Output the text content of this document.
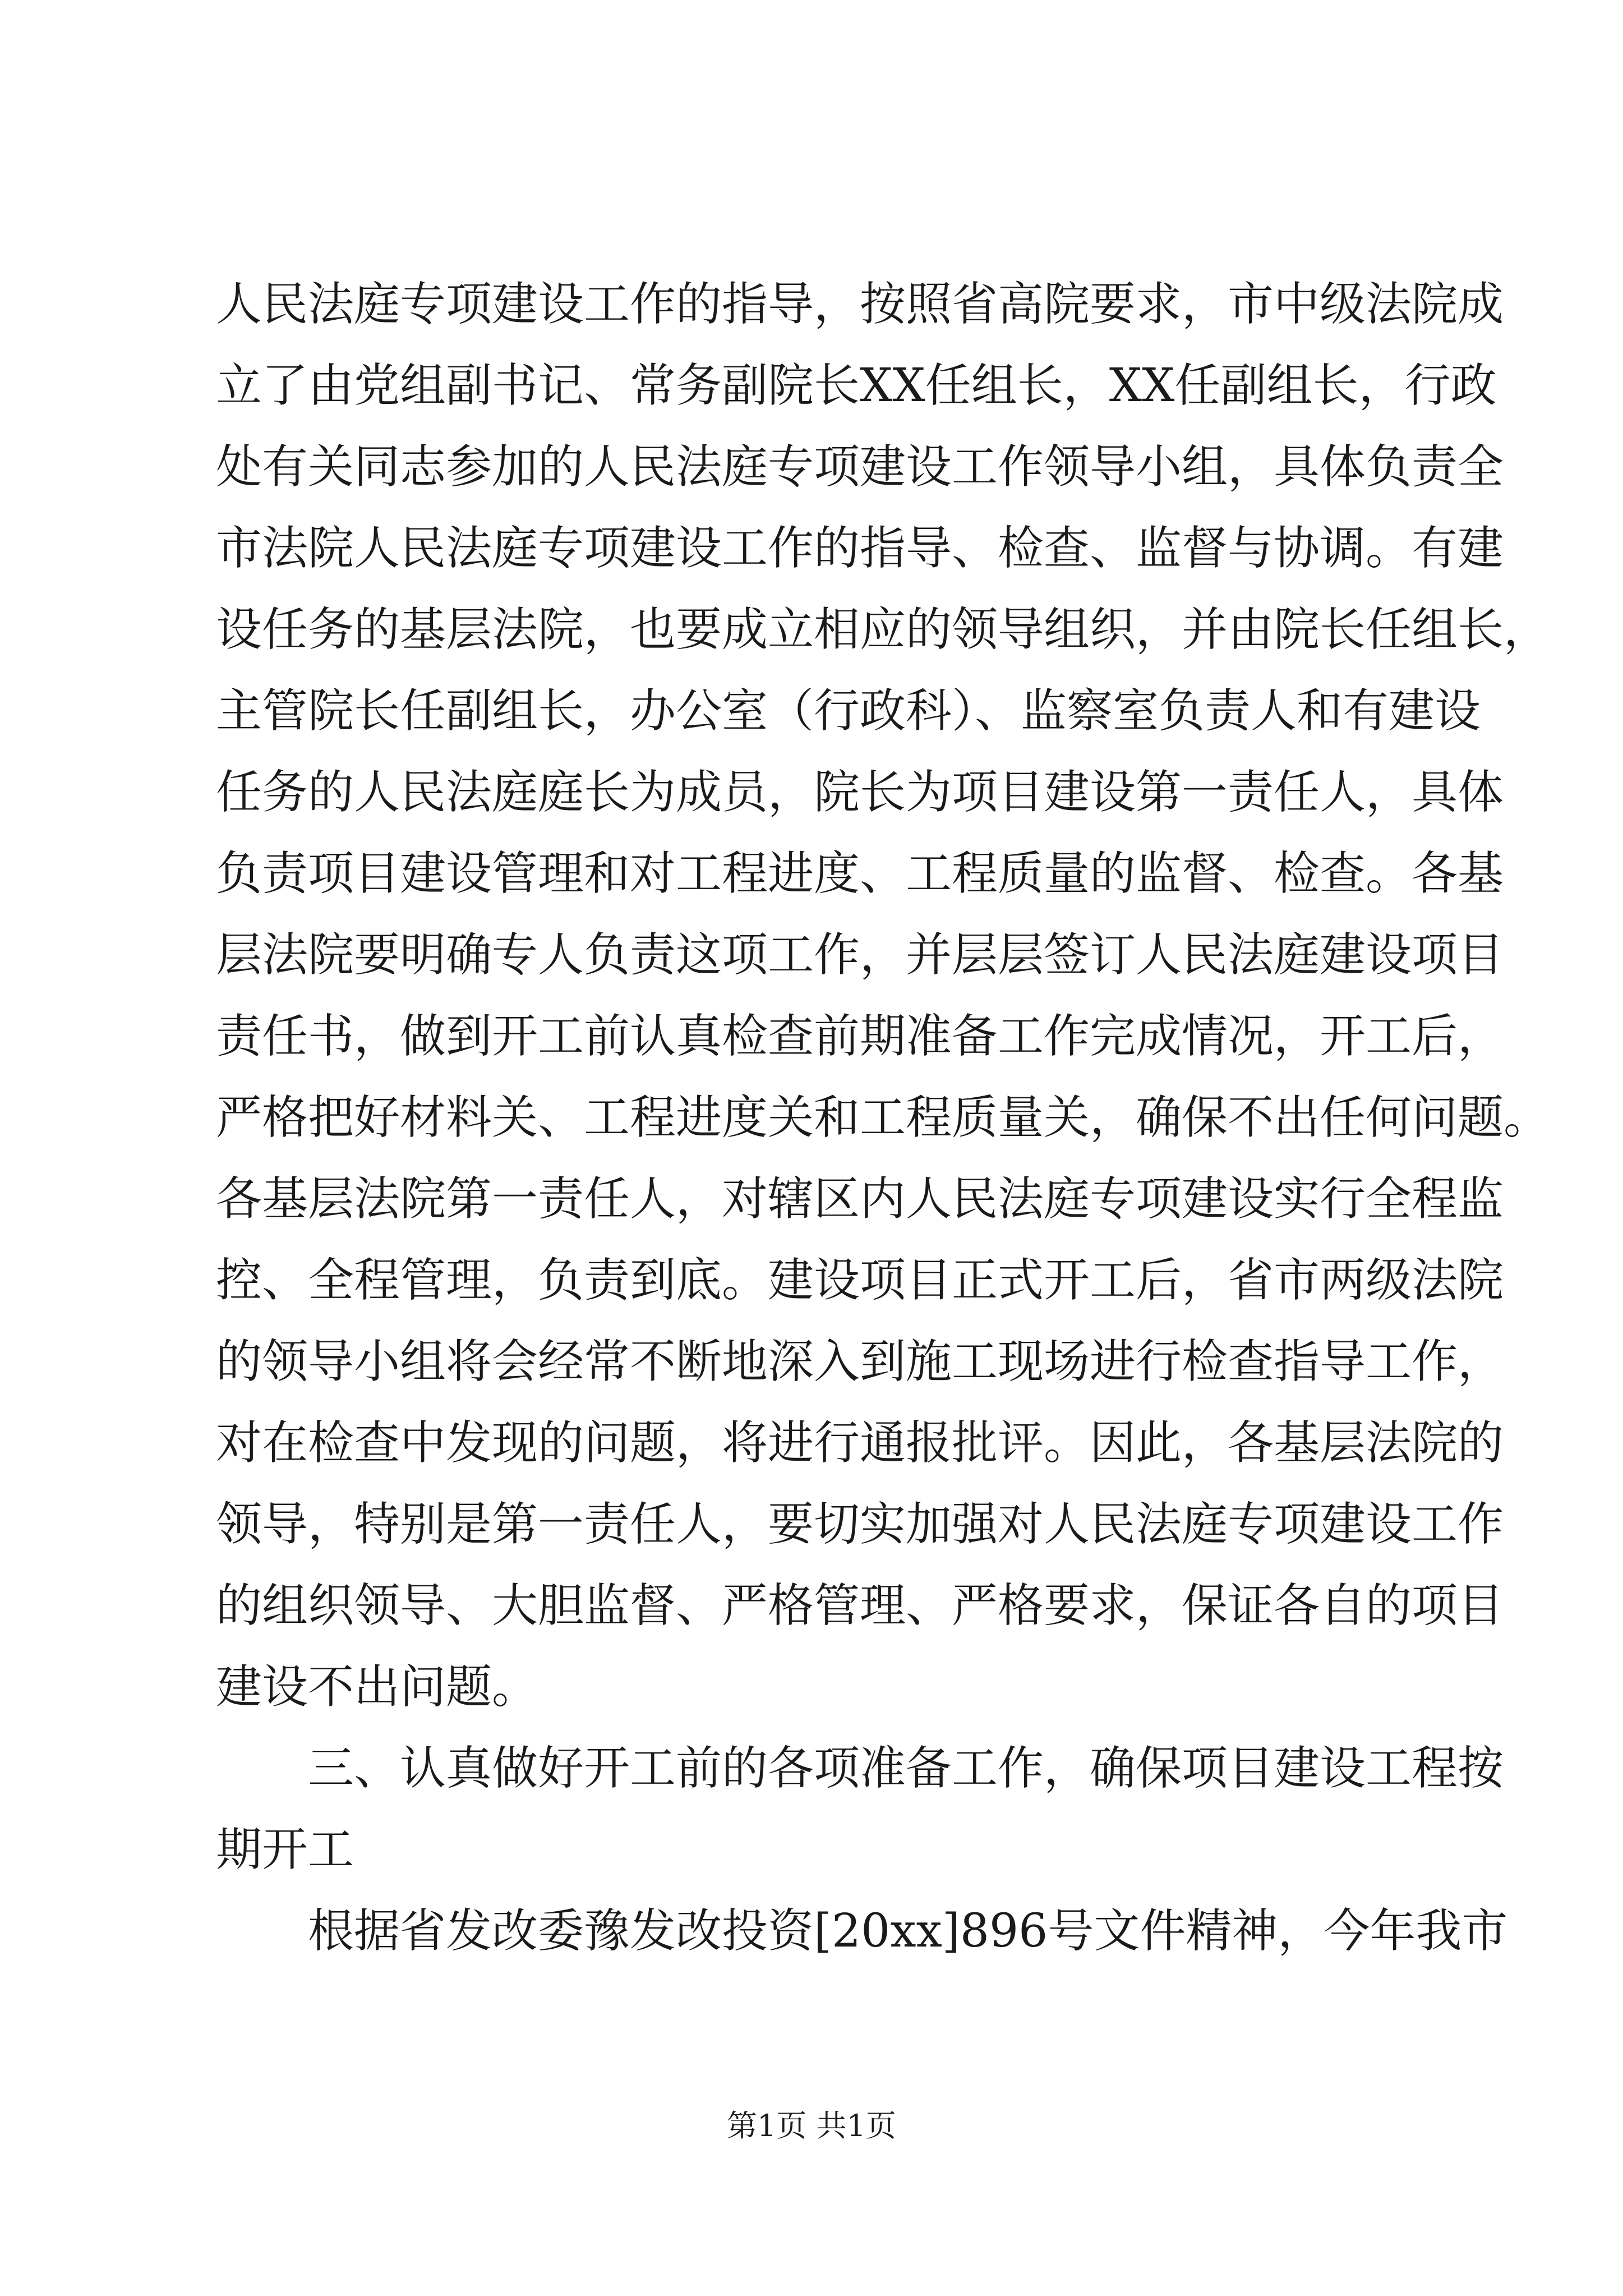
人民法庭专项建设工作的指导，按照省高院要求，市中级法院成
立了由党组副书记、常务副院长XX任组长，XX任副组长，行政
处有关同志参加的人民法庭专项建设工作领导小组，具体负责全
市法院人民法庭专项建设工作的指导、检查、监督与协调。有建
设任务的基层法院，也要成立相应的领导组织，并由院长任组长，
主管院长任副组长，办公室（行政科）、监察室负责人和有建设
任务的人民法庭庭长为成员，院长为项目建设第一责任人，具体
负责项目建设管理和对工程进度、工程质量的监督、检查。各基
层法院要明确专人负责这项工作，并层层签订人民法庭建设项目
责任书，做到开工前认真检查前期准备工作完成情况，开工后，
严格把好材料关、工程进度关和工程质量关，确保不出任何问题。
各基层法院第一责任人，对辖区内人民法庭专项建设实行全程监
控、全程管理，负责到底。建设项目正式开工后，省市两级法院
的领导小组将会经常不断地深入到施工现场进行检查指导工作，
对在检查中发现的问题，将进行通报批评。因此，各基层法院的
领导，特别是第一责任人，要切实加强对人民法庭专项建设工作
的组织领导、大胆监督、严格管理、严格要求，保证各自的项目
建设不出问题。
三、认真做好开工前的各项准备工作，确保项目建设工程按
期开工
根据省发改委豫发改投资[20xx]896号文件精神，今年我市
第1页 共1页
